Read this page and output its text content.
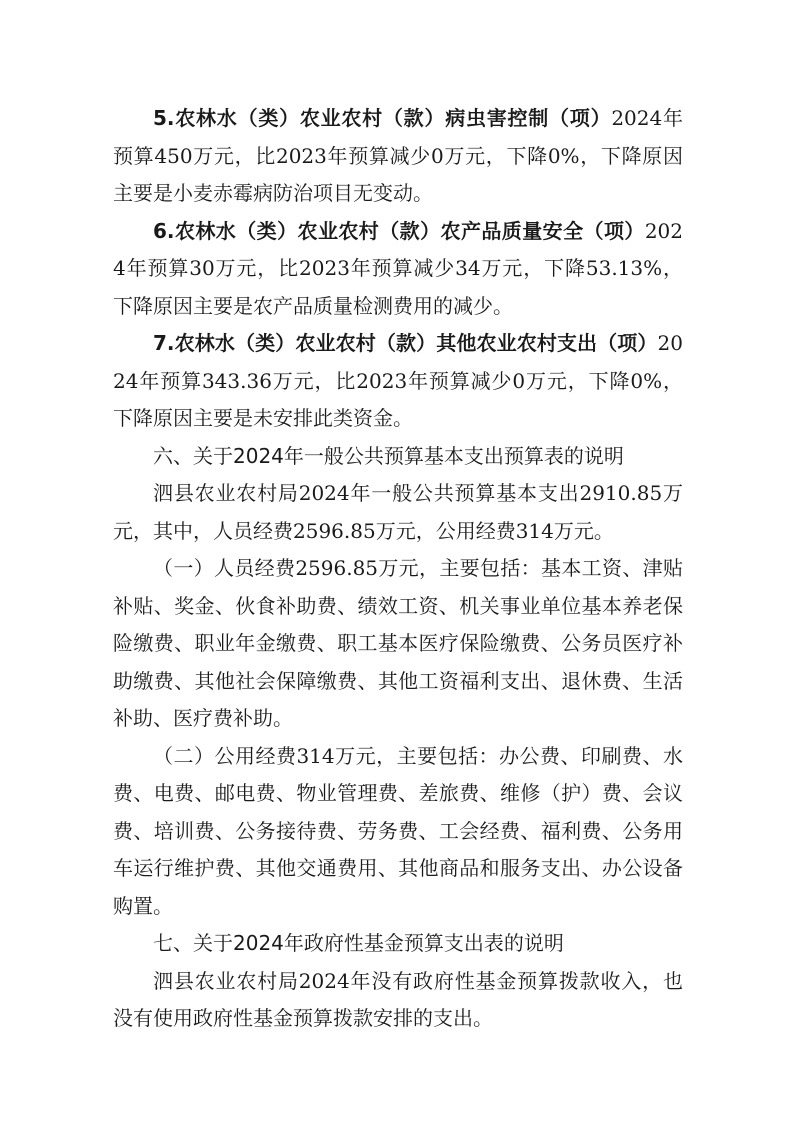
5.农林水（类）农业农村（款）病虫害控制（项）2024年预算450万元，比2023年预算减少0万元，下降0%，下降原因主要是小麦赤霉病防治项目无变动。

6.农林水（类）农业农村（款）农产品质量安全（项）2024年预算30万元，比2023年预算减少34万元，下降53.13%，下降原因主要是农产品质量检测费用的减少。

7.农林水（类）农业农村（款）其他农业农村支出（项）2024年预算343.36万元，比2023年预算减少0万元，下降0%，下降原因主要是未安排此类资金。

六、关于2024年一般公共预算基本支出预算表的说明

泗县农业农村局2024年一般公共预算基本支出2910.85万元，其中，人员经费2596.85万元，公用经费314万元。

（一）人员经费2596.85万元，主要包括：基本工资、津贴补贴、奖金、伙食补助费、绩效工资、机关事业单位基本养老保险缴费、职业年金缴费、职工基本医疗保险缴费、公务员医疗补助缴费、其他社会保障缴费、其他工资福利支出、退休费、生活补助、医疗费补助。

（二）公用经费314万元，主要包括：办公费、印刷费、水费、电费、邮电费、物业管理费、差旅费、维修（护）费、会议费、培训费、公务接待费、劳务费、工会经费、福利费、公务用车运行维护费、其他交通费用、其他商品和服务支出、办公设备购置。

七、关于2024年政府性基金预算支出表的说明

泗县农业农村局2024年没有政府性基金预算拨款收入，也没有使用政府性基金预算拨款安排的支出。
